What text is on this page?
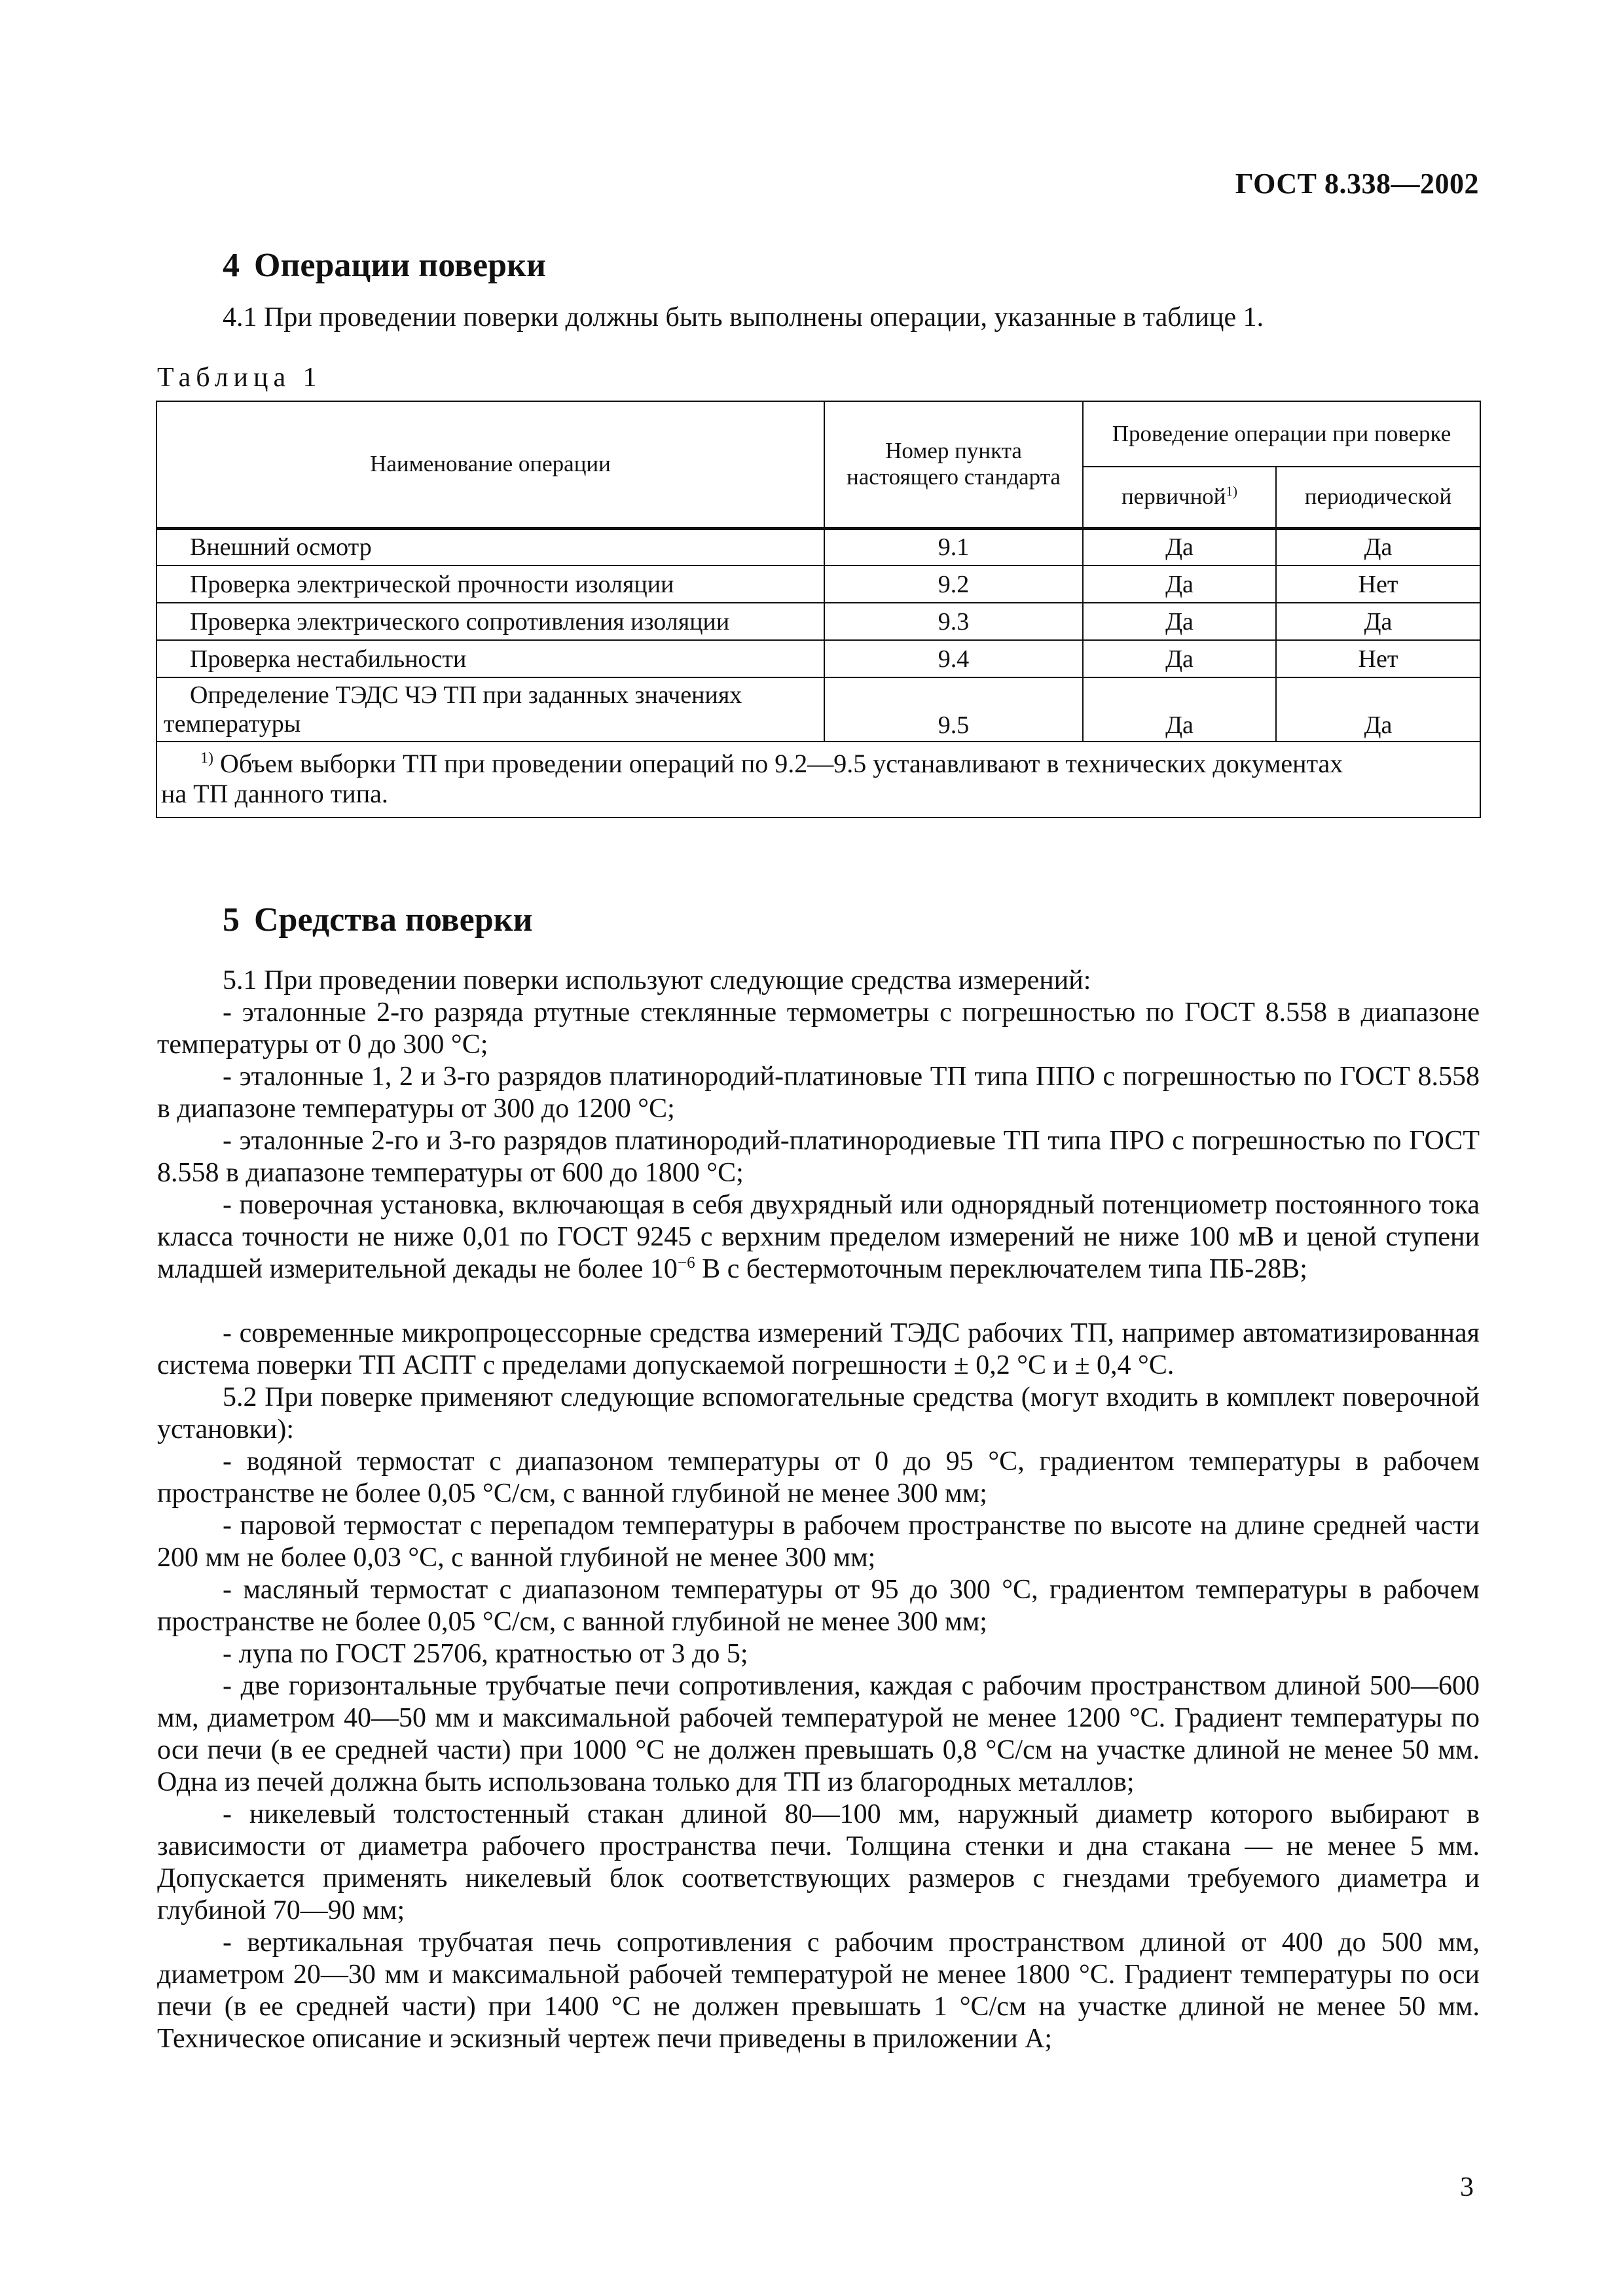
ГОСТ 8.338—2002
4 Операции поверки

4.1 При проведении поверки должны быть выполнены операции, указанные в таблице 1.

Таблица 1
Наименование операции	Номер пункта настоящего стандарта	Проведение операции при поверке	
		первичной$^{1)}$	периодической
Внешний осмотр	9.1	Да	Да
Проверка электрической прочности изоляции	9.2	Да	Нет
Проверка электрического сопротивления изоляции	9.3	Да	Да
Проверка нестабильности	9.4	Да	Нет

Определение ТЭДС ЧЭ ТП при заданных значениях
температуры	9.5	Да	Да

$^{1)}$ Объем выборки ТП при проведении операций по 9.2—9.5 устанавливают в технических документах
на ТП данного типа.			
5 Средства поверки

5.1 При проведении поверки используют следующие средства измерений:

- эталонные 2-го разряда ртутные стеклянные термометры с погрешностью по ГОСТ 8.558 в диапазоне температуры от 0 до 300 °С;

- эталонные 1, 2 и 3-го разрядов платинородий-платиновые ТП типа ППО с погрешностью по ГОСТ 8.558 в диапазоне температуры от 300 до 1200 °С;

- эталонные 2-го и 3-го разрядов платинородий-платинородиевые ТП типа ПРО с погрешностью по ГОСТ 8.558 в диапазоне температуры от 600 до 1800 °С;

- поверочная установка, включающая в себя двухрядный или однорядный потенциометр постоянного тока класса точности не ниже 0,01 по ГОСТ 9245 с верхним пределом измерений не ниже 100 мВ и ценой ступени младшей измерительной декады не более $10^{-6}$ В с бестермоточным переключателем типа ПБ-28В;

- современные микропроцессорные средства измерений ТЭДС рабочих ТП, например автоматизированная система поверки ТП АСПТ с пределами допускаемой погрешности ± 0,2 °С и ± 0,4 °С.

5.2 При поверке применяют следующие вспомогательные средства (могут входить в комплект поверочной установки):

- водяной термостат с диапазоном температуры от 0 до 95 °С, градиентом температуры в рабочем пространстве не более 0,05 °С/см, с ванной глубиной не менее 300 мм;

- паровой термостат с перепадом температуры в рабочем пространстве по высоте на длине средней части 200 мм не более 0,03 °С, с ванной глубиной не менее 300 мм;

- масляный термостат с диапазоном температуры от 95 до 300 °С, градиентом температуры в рабочем пространстве не более 0,05 °С/см, с ванной глубиной не менее 300 мм;

- лупа по ГОСТ 25706, кратностью от 3 до 5;

- две горизонтальные трубчатые печи сопротивления, каждая с рабочим пространством длиной 500—600 мм, диаметром 40—50 мм и максимальной рабочей температурой не менее 1200 °С. Градиент температуры по оси печи (в ее средней части) при 1000 °С не должен превышать 0,8 °С/см на участке длиной не менее 50 мм. Одна из печей должна быть использована только для ТП из благородных металлов;

- никелевый толстостенный стакан длиной 80—100 мм, наружный диаметр которого выбирают в зависимости от диаметра рабочего пространства печи. Толщина стенки и дна стакана — не менее 5 мм. Допускается применять никелевый блок соответствующих размеров с гнездами требуемого диаметра и глубиной 70—90 мм;

- вертикальная трубчатая печь сопротивления с рабочим пространством длиной от 400 до 500 мм, диаметром 20—30 мм и максимальной рабочей температурой не менее 1800 °С. Градиент температуры по оси печи (в ее средней части) при 1400 °С не должен превышать 1 °С/см на участке длиной не менее 50 мм. Техническое описание и эскизный чертеж печи приведены в приложении А;

3
